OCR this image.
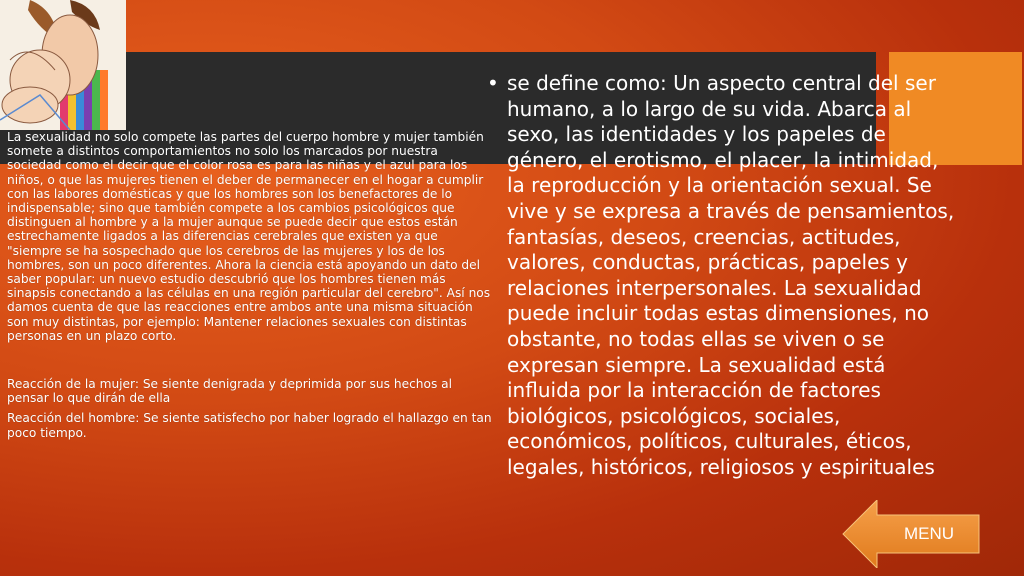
La sexualidad no solo compete las partes del cuerpo hombre y mujer también somete a distintos comportamientos no solo los marcados por nuestra sociedad como el decir que el color rosa es para las niñas y el azul para los niños, o que las mujeres tienen el deber de permanecer en el hogar a cumplir con las labores domésticas y que los hombres son los benefactores de lo indispensable; sino que también compete a los cambios psicológicos que distinguen al hombre y a la mujer aunque se puede decir que estos están estrechamente ligados a las diferencias cerebrales que existen ya que "siempre se ha sospechado que los cerebros de las mujeres y los de los hombres, son un poco diferentes. Ahora la ciencia está apoyando un dato del saber popular: un nuevo estudio descubrió que los hombres tienen más sinapsis conectando a las células en una región particular del cerebro". Así nos damos cuenta de que las reacciones entre ambos ante una misma situación son muy distintas, por ejemplo: Mantener relaciones sexuales con distintas personas en un plazo corto.

Reacción de la mujer: Se siente denigrada y deprimida por sus hechos al pensar lo que dirán de ella

Reacción del hombre: Se siente satisfecho por haber logrado el hallazgo en tan poco tiempo.

• se define como: Un aspecto central del ser humano, a lo largo de su vida. Abarca al sexo, las identidades y los papeles de género, el erotismo, el placer, la intimidad, la reproducción y la orientación sexual. Se vive y se expresa a través de pensamientos, fantasías, deseos, creencias, actitudes, valores, conductas, prácticas, papeles y relaciones interpersonales. La sexualidad puede incluir todas estas dimensiones, no obstante, no todas ellas se viven o se expresan siempre. La sexualidad está influida por la interacción de factores biológicos, psicológicos, sociales, económicos, políticos, culturales, éticos, legales, históricos, religiosos y espirituales
MENU
